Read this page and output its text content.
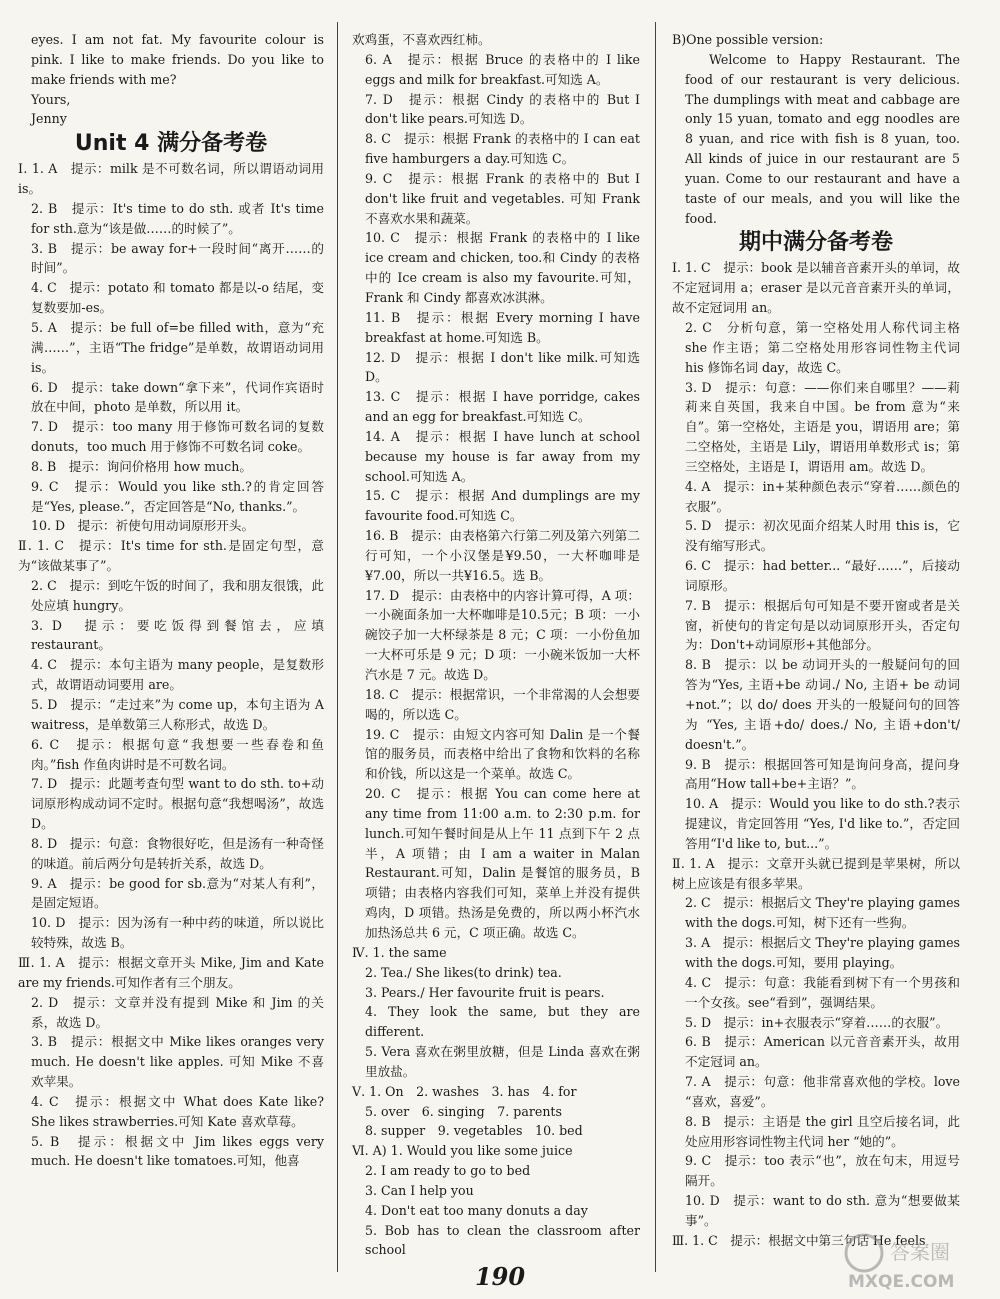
eyes. I am not fat. My favourite colour is pink. I like to make friends. Do you like to make friends with me?

Yours,

Jenny

Unit 4 满分备考卷

Ⅰ. 1. A　提示：milk 是不可数名词，所以谓语动词用 is。

2. B　提示：It's time to do sth. 或者 It's time for sth.意为“该是做……的时候了”。

3. B　提示：be away for+一段时间“离开……的时间”。

4. C　提示：potato 和 tomato 都是以-o 结尾，变复数要加-es。

5. A　提示：be full of=be filled with，意为“充满……”，主语“The fridge”是单数，故谓语动词用 is。

6. D　提示：take down“拿下来”，代词作宾语时放在中间，photo 是单数，所以用 it。

7. D　提示：too many 用于修饰可数名词的复数 donuts，too much 用于修饰不可数名词 coke。

8. B　提示：询问价格用 how much。

9. C　提示：Would you like sth.?的肯定回答是“Yes, please.”，否定回答是“No, thanks.”。

10. D　提示：祈使句用动词原形开头。

Ⅱ. 1. C　提示：It's time for sth.是固定句型，意为“该做某事了”。

2. C　提示：到吃午饭的时间了，我和朋友很饿，此处应填 hungry。

3. D　提示：要吃饭得到餐馆去，应填 restaurant。

4. C　提示：本句主语为 many people，是复数形式，故谓语动词要用 are。

5. D　提示：“走过来”为 come up，本句主语为 A waitress，是单数第三人称形式，故选 D。

6. C　提示：根据句意“我想要一些春卷和鱼肉。”fish 作鱼肉讲时是不可数名词。

7. D　提示：此题考查句型 want to do sth. to+动词原形构成动词不定时。根据句意“我想喝汤”，故选 D。

8. D　提示：句意：食物很好吃，但是汤有一种奇怪的味道。前后两分句是转折关系，故选 D。

9. A　提示：be good for sb.意为“对某人有利”，是固定短语。

10. D　提示：因为汤有一种中药的味道，所以说比较特殊，故选 B。

Ⅲ. 1. A　提示：根据文章开头 Mike, Jim and Kate are my friends.可知作者有三个朋友。

2. D　提示：文章并没有提到 Mike 和 Jim 的关系，故选 D。

3. B　提示：根据文中 Mike likes oranges very much. He doesn't like apples. 可知 Mike 不喜欢苹果。

4. C　提示：根据文中 What does Kate like? She likes strawberries.可知 Kate 喜欢草莓。

5. B　提示：根据文中 Jim likes eggs very much. He doesn't like tomatoes.可知，他喜

欢鸡蛋，不喜欢西红柿。

6. A　提示：根据 Bruce 的表格中的 I like eggs and milk for breakfast.可知选 A。

7. D　提示：根据 Cindy 的表格中的 But I don't like pears.可知选 D。

8. C　提示：根据 Frank 的表格中的 I can eat five hamburgers a day.可知选 C。

9. C　提示：根据 Frank 的表格中的 But I don't like fruit and vegetables. 可知 Frank 不喜欢水果和蔬菜。

10. C　提示：根据 Frank 的表格中的 I like ice cream and chicken, too.和 Cindy 的表格中的 Ice cream is also my favourite.可知，Frank 和 Cindy 都喜欢冰淇淋。

11. B　提示：根据 Every morning I have breakfast at home.可知选 B。

12. D　提示：根据 I don't like milk.可知选 D。

13. C　提示：根据 I have porridge, cakes and an egg for breakfast.可知选 C。

14. A　提示：根据 I have lunch at school because my house is far away from my school.可知选 A。

15. C　提示：根据 And dumplings are my favourite food.可知选 C。

16. B　提示：由表格第六行第二列及第六列第二行可知，一个小汉堡是¥9.50，一大杯咖啡是¥7.00，所以一共¥16.5。选 B。

17. D　提示：由表格中的内容计算可得，A 项：一小碗面条加一大杯咖啡是10.5元；B 项：一小碗饺子加一大杯绿茶是 8 元；C 项：一小份鱼加一大杯可乐是 9 元；D 项：一小碗米饭加一大杯汽水是 7 元。故选 D。

18. C　提示：根据常识，一个非常渴的人会想要喝的，所以选 C。

19. C　提示：由短文内容可知 Dalin 是一个餐馆的服务员，而表格中给出了食物和饮料的名称和价钱，所以这是一个菜单。故选 C。

20. C　提示：根据 You can come here at any time from 11:00 a.m. to 2:30 p.m. for lunch.可知午餐时间是从上午 11 点到下午 2 点半，A 项错；由 I am a waiter in Malan Restaurant.可知，Dalin 是餐馆的服务员，B 项错；由表格内容我们可知，菜单上并没有提供鸡肉，D 项错。热汤是免费的，所以两小杯汽水加热汤总共 6 元，C 项正确。故选 C。

Ⅳ. 1. the same

2. Tea./ She likes(to drink) tea.

3. Pears./ Her favourite fruit is pears.

4. They look the same, but they are different.

5. Vera 喜欢在粥里放糖，但是 Linda 喜欢在粥里放盐。

Ⅴ. 1. On　2. washes　3. has　4. for

5. over　6. singing　7. parents

8. supper　9. vegetables　10. bed

Ⅵ. A) 1. Would you like some juice

2. I am ready to go to bed

3. Can I help you

4. Don't eat too many donuts a day

5. Bob has to clean the classroom after school

B)One possible version:

Welcome to Happy Restaurant. The food of our restaurant is very delicious. The dumplings with meat and cabbage are only 15 yuan, tomato and egg noodles are 8 yuan, and rice with fish is 8 yuan, too. All kinds of juice in our restaurant are 5 yuan. Come to our restaurant and have a taste of our meals, and you will like the food.

期中满分备考卷

Ⅰ. 1. C　提示：book 是以辅音音素开头的单词，故不定冠词用 a；eraser 是以元音音素开头的单词，故不定冠词用 an。

2. C　分析句意，第一空格处用人称代词主格 she 作主语；第二空格处用形容词性物主代词 his 修饰名词 day，故选 C。

3. D　提示：句意：——你们来自哪里？——莉莉来自英国，我来自中国。be from 意为“来自”。第一空格处，主语是 you，谓语用 are；第二空格处，主语是 Lily，谓语用单数形式 is；第三空格处，主语是 I，谓语用 am。故选 D。

4. A　提示：in+某种颜色表示“穿着……颜色的衣服”。

5. D　提示：初次见面介绍某人时用 this is，它没有缩写形式。

6. C　提示：had better... “最好……”，后接动词原形。

7. B　提示：根据后句可知是不要开窗或者是关窗，祈使句的肯定句是以动词原形开头，否定句为：Don't+动词原形+其他部分。

8. B　提示：以 be 动词开头的一般疑问句的回答为“Yes, 主语+be 动词./ No, 主语+ be 动词+not.”；以 do/ does 开头的一般疑问句的回答为 “Yes, 主语+do/ does./ No, 主语+don't/ doesn't.”。

9. B　提示：根据回答可知是询问身高，提问身高用“How tall+be+主语？”。

10. A　提示：Would you like to do sth.?表示提建议，肯定回答用 “Yes, I'd like to.”，否定回答用“I'd like to, but...”。

Ⅱ. 1. A　提示：文章开头就已提到是苹果树，所以树上应该是有很多苹果。

2. C　提示：根据后文 They're playing games with the dogs.可知，树下还有一些狗。

3. A　提示：根据后文 They're playing games with the dogs.可知，要用 playing。

4. C　提示：句意：我能看到树下有一个男孩和一个女孩。see“看到”，强调结果。

5. D　提示：in+衣服表示“穿着……的衣服”。

6. B　提示：American 以元音音素开头，故用不定冠词 an。

7. A　提示：句意：他非常喜欢他的学校。love “喜欢，喜爱”。

8. B　提示：主语是 the girl 且空后接名词，此处应用形容词性物主代词 her “她的”。

9. C　提示：too 表示“也”，放在句末，用逗号隔开。

10. D　提示：want to do sth. 意为“想要做某事”。

Ⅲ. 1. C　提示：根据文中第三句话 He feels

190

答案圈
MXQE.COM
